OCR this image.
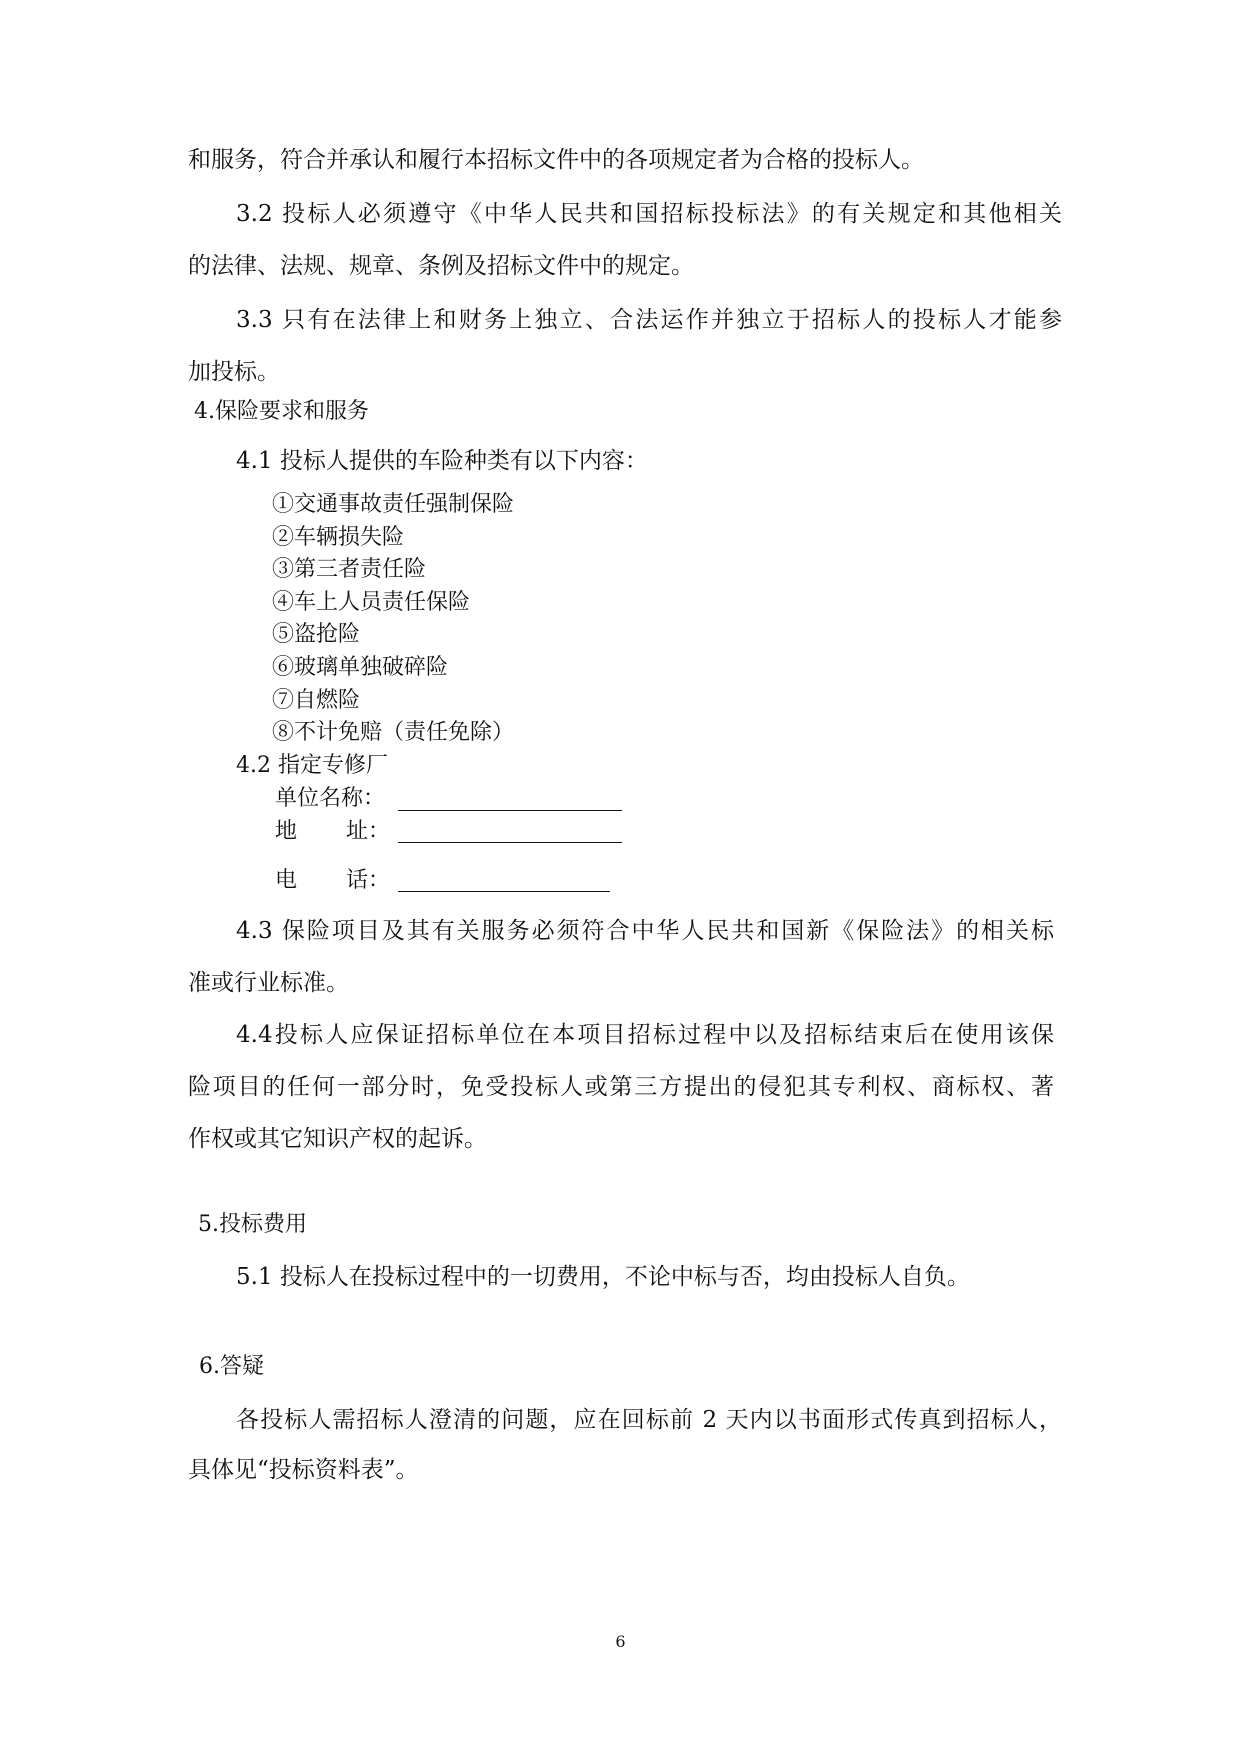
和服务，符合并承认和履行本招标文件中的各项规定者为合格的投标人。
3.2 投标人必须遵守《中华人民共和国招标投标法》的有关规定和其他相关
的法律、法规、规章、条例及招标文件中的规定。
3.3 只有在法律上和财务上独立、合法运作并独立于招标人的投标人才能参
加投标。
4.保险要求和服务
4.1 投标人提供的车险种类有以下内容：
①交通事故责任强制保险
②车辆损失险
③第三者责任险
④车上人员责任保险
⑤盗抢险
⑥玻璃单独破碎险
⑦自燃险
⑧不计免赔（责任免除）
4.2 指定专修厂
单位名称：
地 址：
电 话：
4.3 保险项目及其有关服务必须符合中华人民共和国新《保险法》的相关标
准或行业标准。
4.4投标人应保证招标单位在本项目招标过程中以及招标结束后在使用该保
险项目的任何一部分时，免受投标人或第三方提出的侵犯其专利权、商标权、著
作权或其它知识产权的起诉。
5.投标费用
5.1 投标人在投标过程中的一切费用，不论中标与否，均由投标人自负。
6.答疑
各投标人需招标人澄清的问题，应在回标前 2 天内以书面形式传真到招标人，
具体见“投标资料表”。
6
